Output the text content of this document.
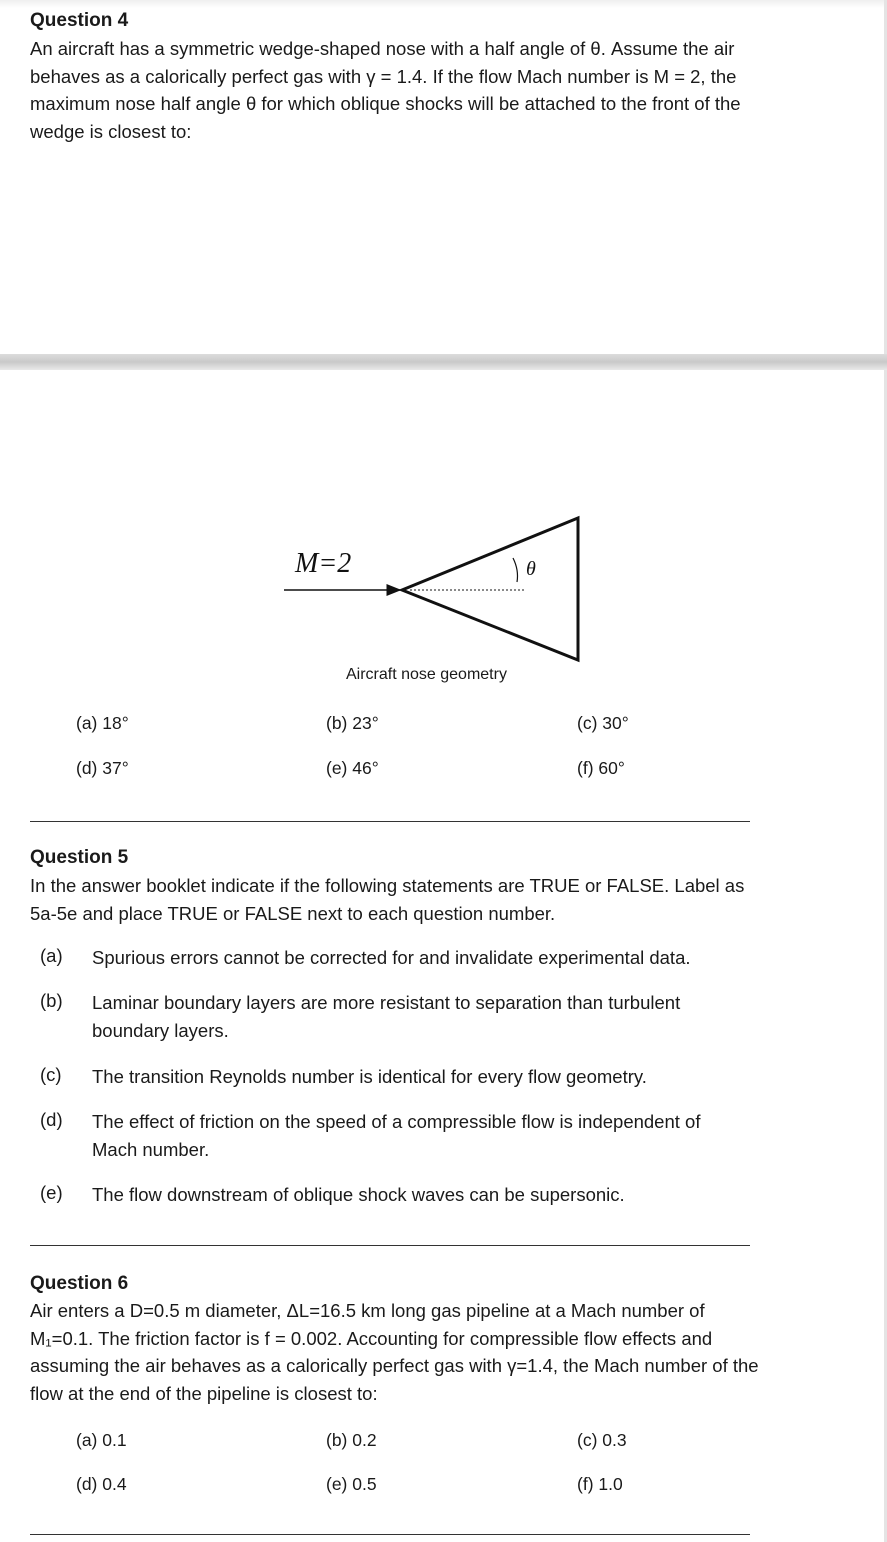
Question 4
An aircraft has a symmetric wedge-shaped nose with a half angle of θ. Assume the air
behaves as a calorically perfect gas with γ = 1.4. If the flow Mach number is M = 2, the
maximum nose half angle θ for which oblique shocks will be attached to the front of the
wedge is closest to:
θ
M=2
Aircraft nose geometry
(a) 18°	(b) 23°	(c) 30°
(d) 37°	(e) 46°	(f) 60°
Question 5
In the answer booklet indicate if the following statements are TRUE or FALSE. Label as
5a-5e and place TRUE or FALSE next to each question number.
(a) Spurious errors cannot be corrected for and invalidate experimental data.
(b) Laminar boundary layers are more resistant to separation than turbulent
boundary layers.
(c) The transition Reynolds number is identical for every flow geometry.
(d) The effect of friction on the speed of a compressible flow is independent of
Mach number.
(e) The flow downstream of oblique shock waves can be supersonic.
Question 6
Air enters a D=0.5 m diameter, ΔL=16.5 km long gas pipeline at a Mach number of
M₁=0.1. The friction factor is f = 0.002. Accounting for compressible flow effects and
assuming the air behaves as a calorically perfect gas with γ=1.4, the Mach number of the
flow at the end of the pipeline is closest to:
(a) 0.1	(b) 0.2	(c) 0.3
(d) 0.4	(e) 0.5	(f) 1.0
